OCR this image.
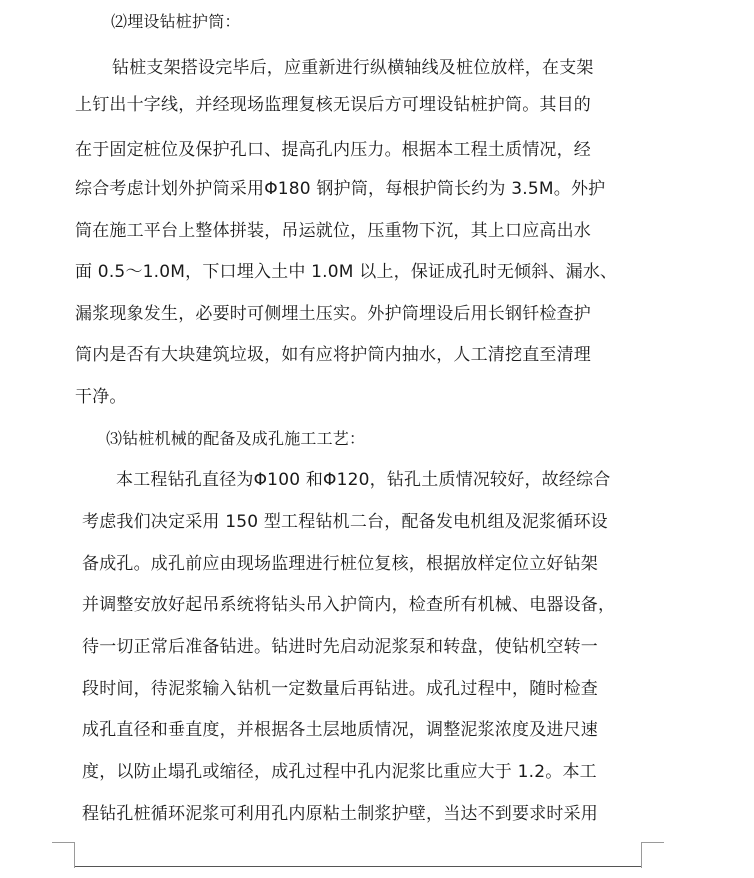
⑵埋设钻桩护筒：
钻桩支架搭设完毕后，应重新进行纵横轴线及桩位放样，在支架
上钉出十字线，并经现场监理复核无误后方可埋设钻桩护筒。其目的
在于固定桩位及保护孔口、提高孔内压力。根据本工程土质情况，经
综合考虑计划外护筒采用Φ180 钢护筒，每根护筒长约为 3.5M。外护
筒在施工平台上整体拼装，吊运就位，压重物下沉，其上口应高出水
面 0.5～1.0M，下口埋入土中 1.0M 以上，保证成孔时无倾斜、漏水、
漏浆现象发生，必要时可侧埋土压实。外护筒埋设后用长钢钎检查护
筒内是否有大块建筑垃圾，如有应将护筒内抽水，人工清挖直至清理
干净。
⑶钻桩机械的配备及成孔施工工艺：
本工程钻孔直径为Φ100 和Φ120，钻孔土质情况较好，故经综合
考虑我们决定采用 150 型工程钻机二台，配备发电机组及泥浆循环设
备成孔。成孔前应由现场监理进行桩位复核，根据放样定位立好钻架
并调整安放好起吊系统将钻头吊入护筒内，检查所有机械、电器设备，
待一切正常后准备钻进。钻进时先启动泥浆泵和转盘，使钻机空转一
段时间，待泥浆输入钻机一定数量后再钻进。成孔过程中，随时检查
成孔直径和垂直度，并根据各土层地质情况，调整泥浆浓度及进尺速
度，以防止塌孔或缩径，成孔过程中孔内泥浆比重应大于 1.2。本工
程钻孔桩循环泥浆可利用孔内原粘土制浆护壁，当达不到要求时采用
